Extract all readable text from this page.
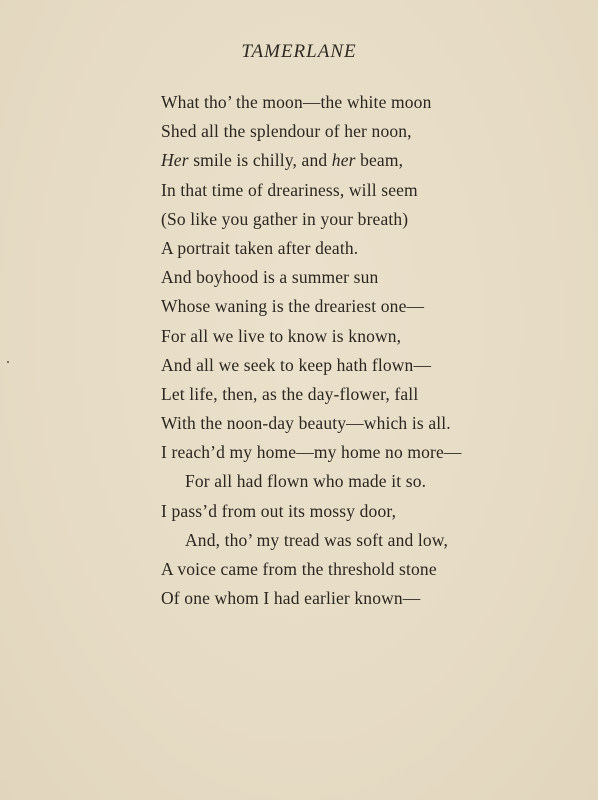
TAMERLANE
What tho’ the moon—the white moon
Shed all the splendour of her noon,
Her smile is chilly, and her beam,
In that time of dreariness, will seem
(So like you gather in your breath)
A portrait taken after death.
And boyhood is a summer sun
Whose waning is the dreariest one—
For all we live to know is known,
And all we seek to keep hath flown—
Let life, then, as the day-flower, fall
With the noon-day beauty—which is all.
I reach’d my home—my home no more—
For all had flown who made it so.
I pass’d from out its mossy door,
And, tho’ my tread was soft and low,
A voice came from the threshold stone
Of one whom I had earlier known—
